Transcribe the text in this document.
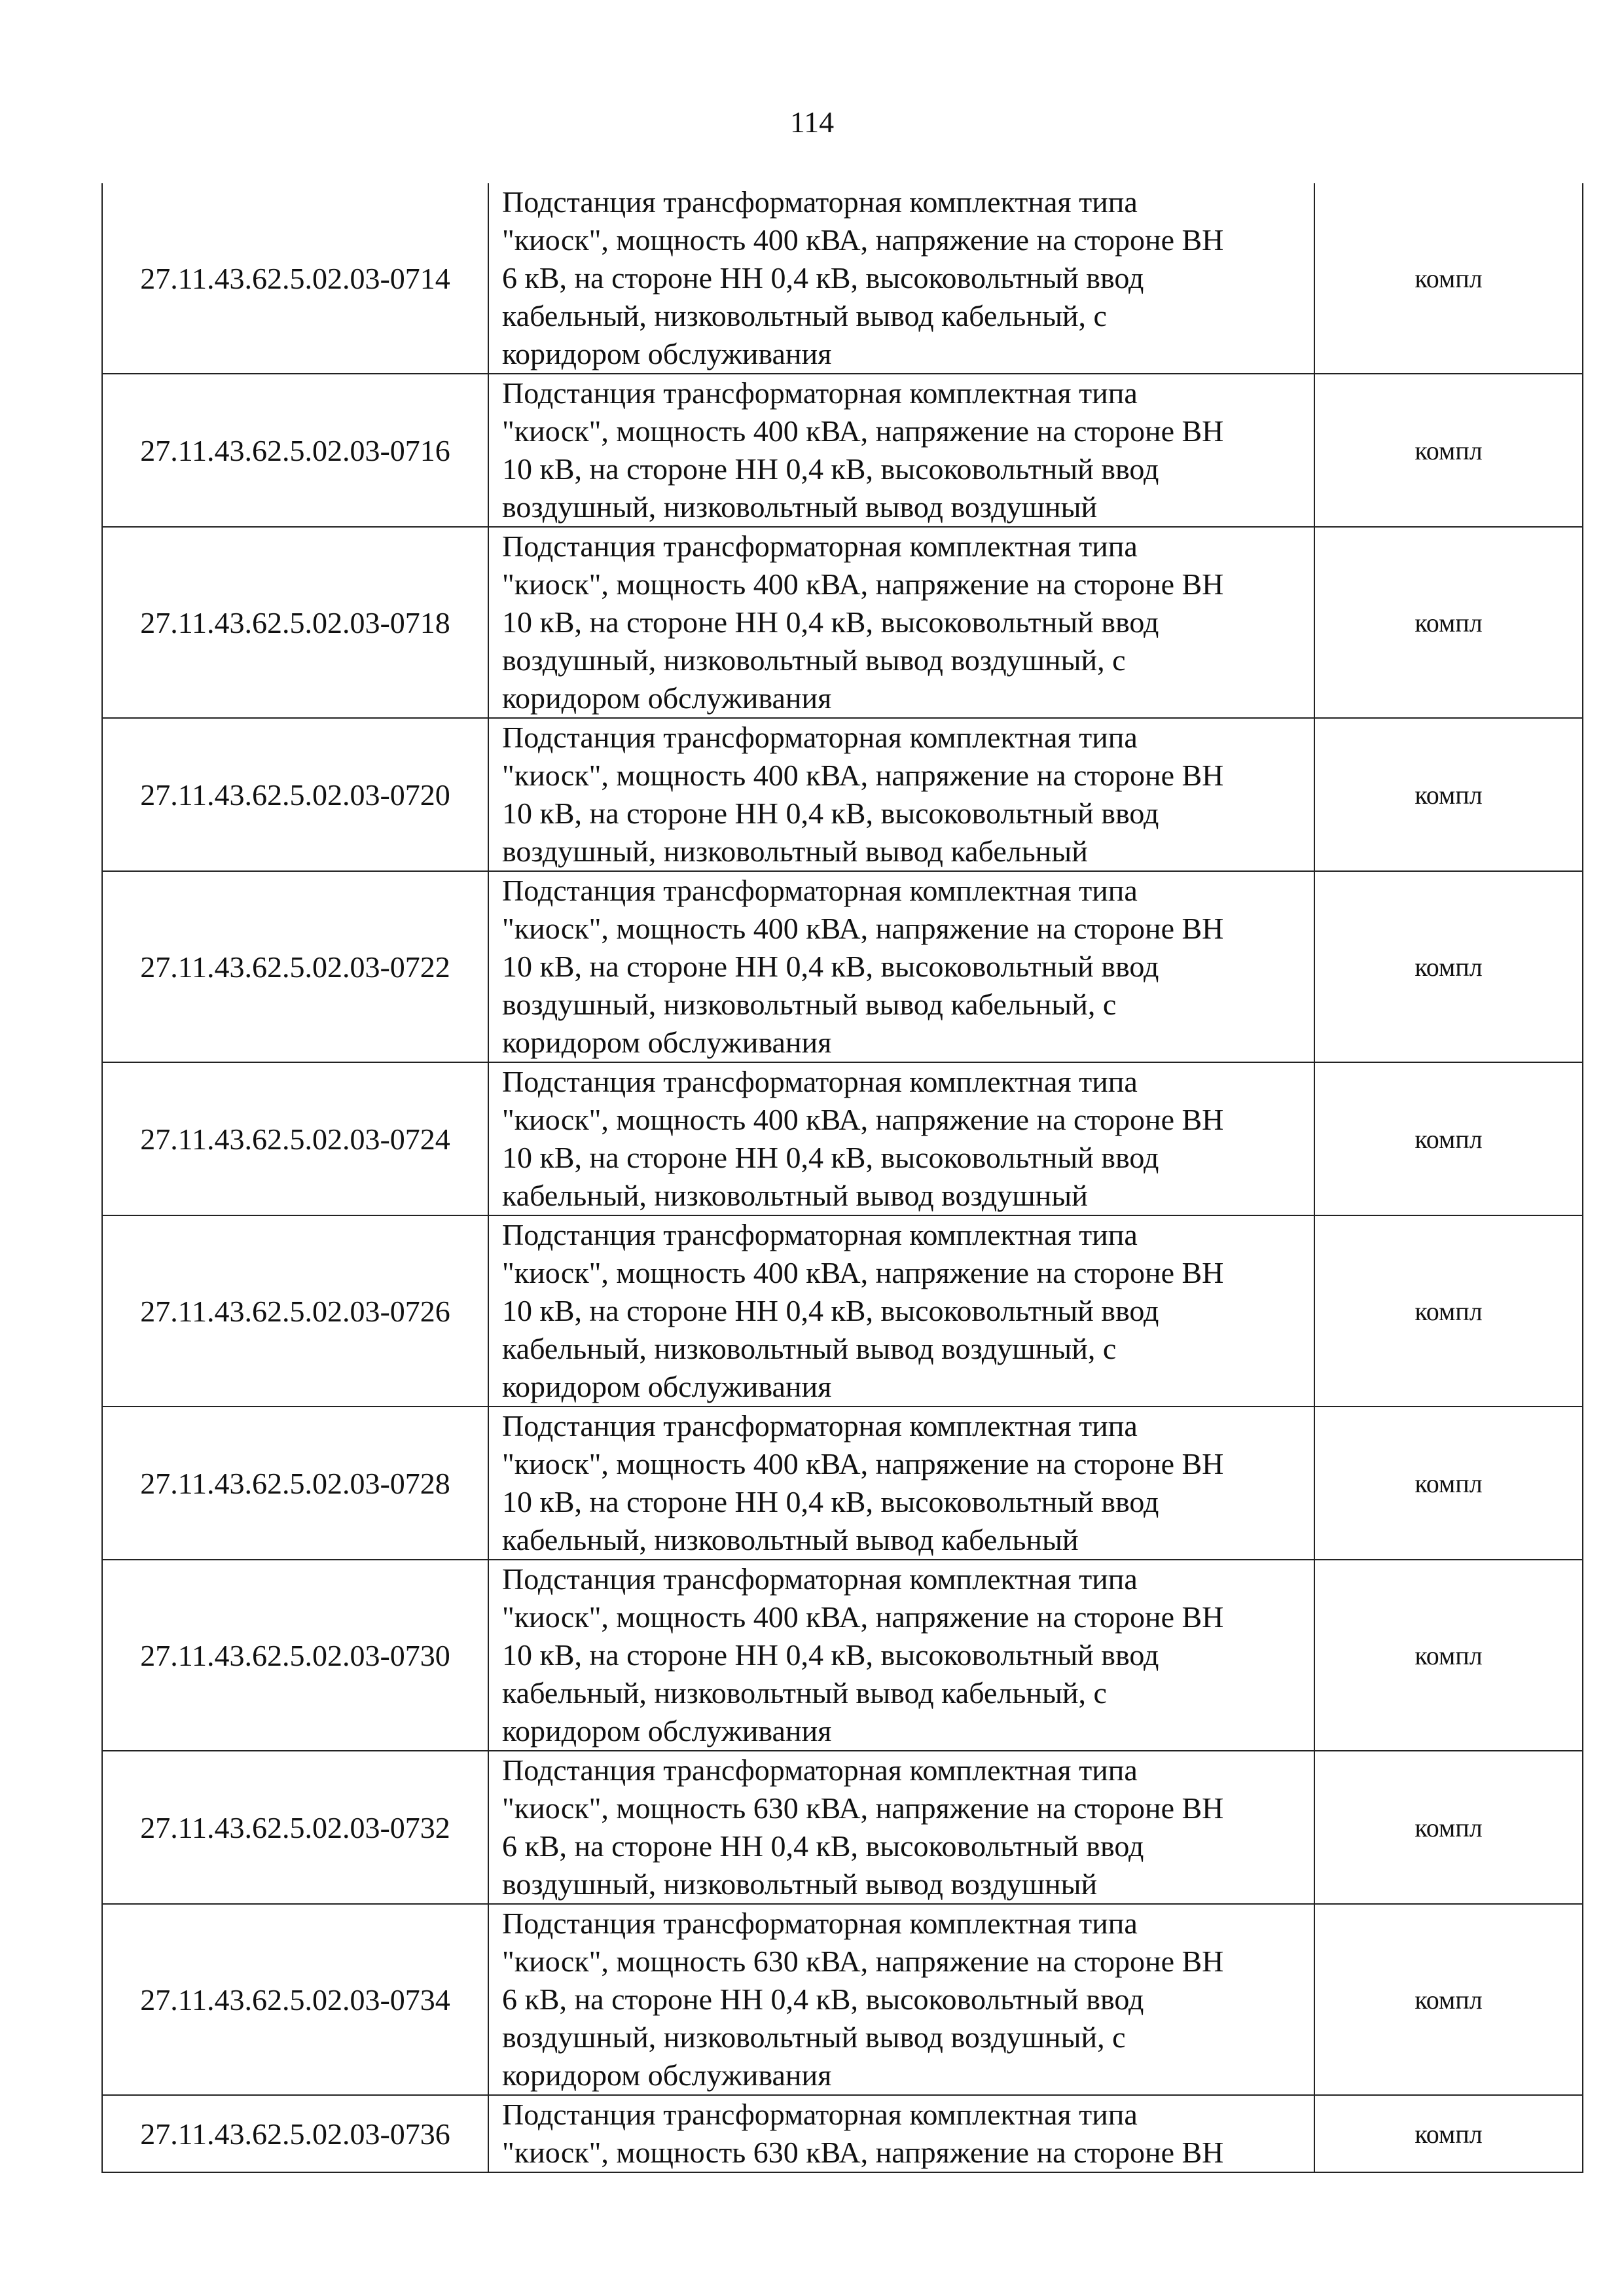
114
27.11.43.62.5.02.03-0714	Подстанция трансформаторная комплектная типа
"киоск", мощность 400 кВА, напряжение на стороне ВН
6 кВ, на стороне НН 0,4 кВ, высоковольтный ввод
кабельный, низковольтный вывод кабельный, с
коридором обслуживания	компл
27.11.43.62.5.02.03-0716	Подстанция трансформаторная комплектная типа
"киоск", мощность 400 кВА, напряжение на стороне ВН
10 кВ, на стороне НН 0,4 кВ, высоковольтный ввод
воздушный, низковольтный вывод воздушный	компл
27.11.43.62.5.02.03-0718	Подстанция трансформаторная комплектная типа
"киоск", мощность 400 кВА, напряжение на стороне ВН
10 кВ, на стороне НН 0,4 кВ, высоковольтный ввод
воздушный, низковольтный вывод воздушный, с
коридором обслуживания	компл
27.11.43.62.5.02.03-0720	Подстанция трансформаторная комплектная типа
"киоск", мощность 400 кВА, напряжение на стороне ВН
10 кВ, на стороне НН 0,4 кВ, высоковольтный ввод
воздушный, низковольтный вывод кабельный	компл
27.11.43.62.5.02.03-0722	Подстанция трансформаторная комплектная типа
"киоск", мощность 400 кВА, напряжение на стороне ВН
10 кВ, на стороне НН 0,4 кВ, высоковольтный ввод
воздушный, низковольтный вывод кабельный, с
коридором обслуживания	компл
27.11.43.62.5.02.03-0724	Подстанция трансформаторная комплектная типа
"киоск", мощность 400 кВА, напряжение на стороне ВН
10 кВ, на стороне НН 0,4 кВ, высоковольтный ввод
кабельный, низковольтный вывод воздушный	компл
27.11.43.62.5.02.03-0726	Подстанция трансформаторная комплектная типа
"киоск", мощность 400 кВА, напряжение на стороне ВН
10 кВ, на стороне НН 0,4 кВ, высоковольтный ввод
кабельный, низковольтный вывод воздушный, с
коридором обслуживания	компл
27.11.43.62.5.02.03-0728	Подстанция трансформаторная комплектная типа
"киоск", мощность 400 кВА, напряжение на стороне ВН
10 кВ, на стороне НН 0,4 кВ, высоковольтный ввод
кабельный, низковольтный вывод кабельный	компл
27.11.43.62.5.02.03-0730	Подстанция трансформаторная комплектная типа
"киоск", мощность 400 кВА, напряжение на стороне ВН
10 кВ, на стороне НН 0,4 кВ, высоковольтный ввод
кабельный, низковольтный вывод кабельный, с
коридором обслуживания	компл
27.11.43.62.5.02.03-0732	Подстанция трансформаторная комплектная типа
"киоск", мощность 630 кВА, напряжение на стороне ВН
6 кВ, на стороне НН 0,4 кВ, высоковольтный ввод
воздушный, низковольтный вывод воздушный	компл
27.11.43.62.5.02.03-0734	Подстанция трансформаторная комплектная типа
"киоск", мощность 630 кВА, напряжение на стороне ВН
6 кВ, на стороне НН 0,4 кВ, высоковольтный ввод
воздушный, низковольтный вывод воздушный, с
коридором обслуживания	компл
27.11.43.62.5.02.03-0736	Подстанция трансформаторная комплектная типа
"киоск", мощность 630 кВА, напряжение на стороне ВН	компл
